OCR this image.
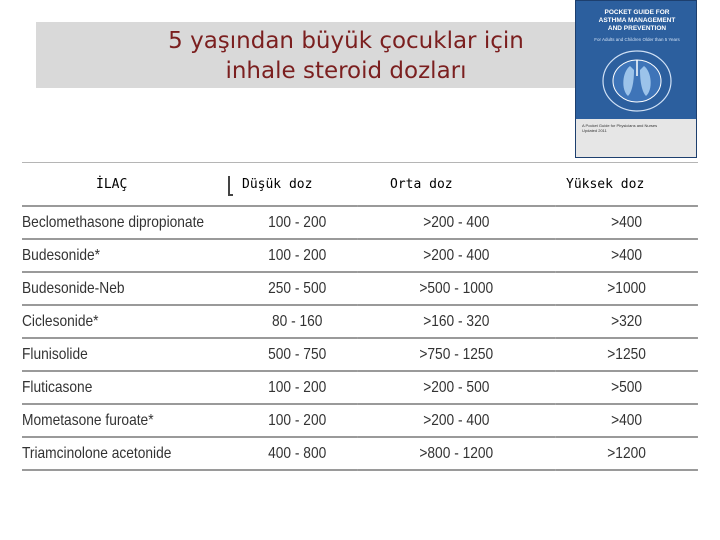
5 yaşından büyük çocuklar için
inhale steroid dozları
POCKET GUIDE FOR
ASTHMA MANAGEMENT
AND PREVENTION
For Adults and Children Older than 5 Years
A Pocket Guide for Physicians and Nurses
Updated 2011
İLAÇ	Düşük doz	Orta doz	Yüksek doz
Beclomethasone dipropionate	100 - 200	>200 - 400	>400
Budesonide*	100 - 200	>200 - 400	>400
Budesonide-Neb	250 - 500	>500 - 1000	>1000
Ciclesonide*	80 - 160	>160 - 320	>320
Flunisolide	500 - 750	>750 - 1250	>1250
Fluticasone	100 - 200	>200 - 500	>500
Mometasone furoate*	100 - 200	>200 - 400	>400
Triamcinolone acetonide	400 - 800	>800 - 1200	>1200
